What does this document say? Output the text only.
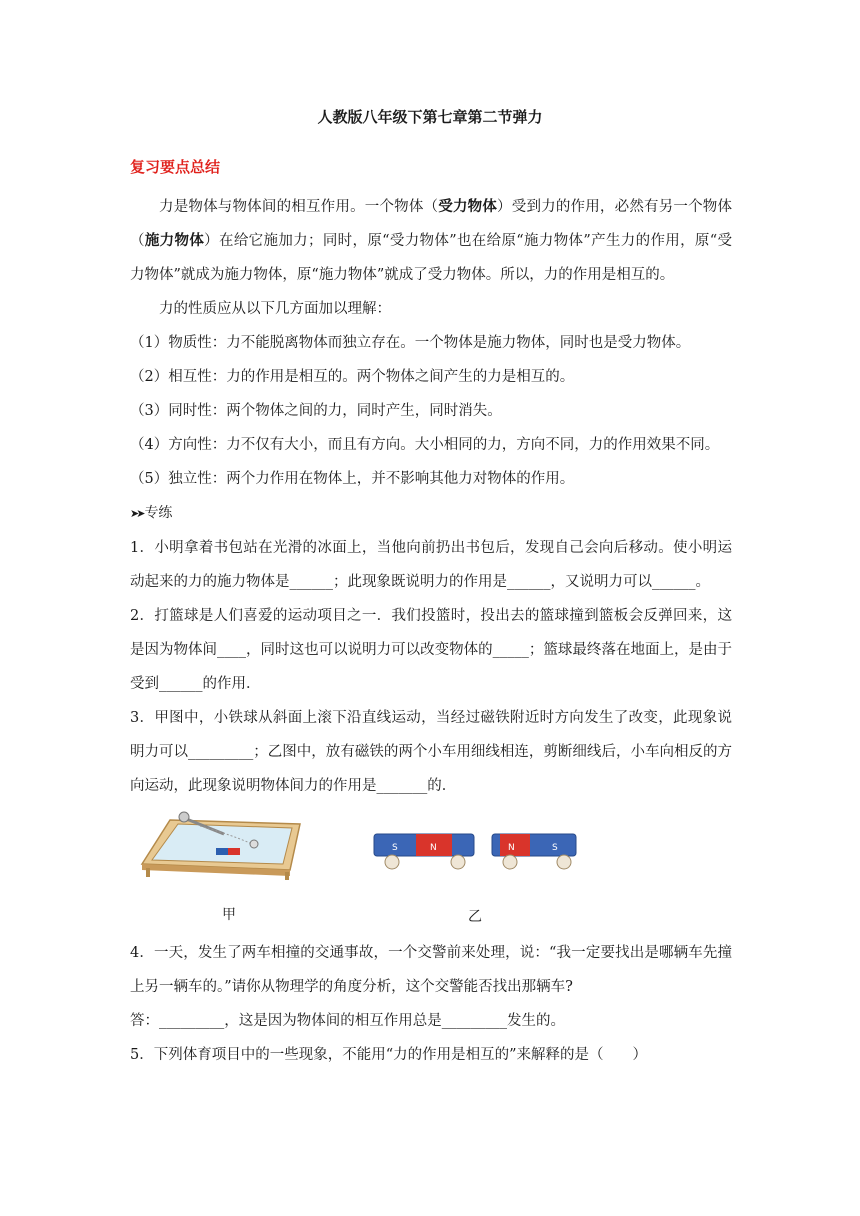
人教版八年级下第七章第二节弹力
复习要点总结

力是物体与物体间的相互作用。一个物体（受力物体）受到力的作用，必然有另一个物体（施力物体）在给它施加力；同时，原“受力物体”也在给原“施力物体”产生力的作用，原“受力物体”就成为施力物体，原“施力物体”就成了受力物体。所以，力的作用是相互的。

力的性质应从以下几方面加以理解：

（1）物质性：力不能脱离物体而独立存在。一个物体是施力物体，同时也是受力物体。
（2）相互性：力的作用是相互的。两个物体之间产生的力是相互的。
（3）同时性：两个物体之间的力，同时产生，同时消失。
（4）方向性：力不仅有大小，而且有方向。大小相同的力，方向不同，力的作用效果不同。
（5）独立性：两个力作用在物体上，并不影响其他力对物体的作用。

➤➤ 专练

1．小明拿着书包站在光滑的冰面上，当他向前扔出书包后，发现自己会向后移动。使小明运动起来的力的施力物体是______；此现象既说明力的作用是______，又说明力可以______。

2．打篮球是人们喜爱的运动项目之一．我们投篮时，投出去的篮球撞到篮板会反弹回来，这是因为物体间____，同时这也可以说明力可以改变物体的_____；篮球最终落在地面上，是由于受到______的作用．

3．甲图中，小铁球从斜面上滚下沿直线运动，当经过磁铁附近时方向发生了改变，此现象说明力可以_________；乙图中，放有磁铁的两个小车用细线相连，剪断细线后，小车向相反的方向运动，此现象说明物体间力的作用是_______的．

S	N	N	S
甲	乙

4．一天，发生了两车相撞的交通事故，一个交警前来处理，说：“我一定要找出是哪辆车先撞上另一辆车的。”请你从物理学的角度分析，这个交警能否找出那辆车?

答：_________，这是因为物体间的相互作用总是_________发生的。

5．下列体育项目中的一些现象，不能用“力的作用是相互的”来解释的是（　　）
